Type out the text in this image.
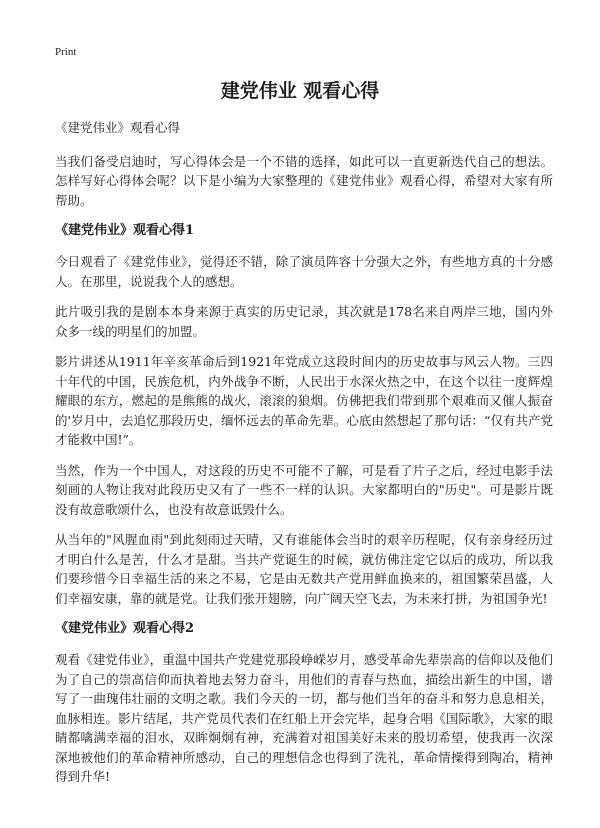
Print
建党伟业 观看心得

《建党伟业》观看心得

当我们备受启迪时，写心得体会是一个不错的选择，如此可以一直更新迭代自己的想法。怎样写好心得体会呢？以下是小编为大家整理的《建党伟业》观看心得，希望对大家有所帮助。

《建党伟业》观看心得1

今日观看了《建党伟业》，觉得还不错，除了演员阵容十分强大之外，有些地方真的十分感人。在那里，说说我个人的感想。

此片吸引我的是剧本本身来源于真实的历史记录，其次就是178名来自两岸三地，国内外众多一线的明星们的加盟。

影片讲述从1911年辛亥革命后到1921年党成立这段时间内的历史故事与风云人物。三四十年代的中国，民族危机，内外战争不断，人民出于水深火热之中，在这个以往一度辉煌耀眼的东方，燃起的是熊熊的战火，滚滚的狼烟。仿佛把我们带到那个艰难而又催人振奋的'岁月中，去追忆那段历史，缅怀远去的革命先辈。心底由然想起了那句话：“仅有共产党才能救中国!”。

当然，作为一个中国人，对这段的历史不可能不了解，可是看了片子之后，经过电影手法刻画的人物让我对此段历史又有了一些不一样的认识。大家都明白的"历史"。可是影片既没有故意歌颂什么，也没有故意诋毁什么。

从当年的"风腥血雨"到此刻雨过天晴，又有谁能体会当时的艰辛历程呢，仅有亲身经历过才明白什么是苦，什么才是甜。当共产党诞生的时候，就仿佛注定它以后的成功，所以我们要珍惜今日幸福生活的来之不易，它是由无数共产党用鲜血换来的，祖国繁荣昌盛，人们幸福安康，靠的就是党。让我们张开翅膀，向广阔天空飞去，为未来打拼，为祖国争光!

《建党伟业》观看心得2

观看《建党伟业》，重温中国共产党建党那段峥嵘岁月，感受革命先辈崇高的信仰以及他们为了自己的崇高信仰而执着地去努力奋斗，用他们的青春与热血，描绘出新生的中国，谱写了一曲瑰伟壮丽的文明之歌。我们今天的一切，都与他们当年的奋斗和努力息息相关，血脉相连。影片结尾，共产党员代表们在红船上开会完毕，起身合唱《国际歌》，大家的眼睛都噙满幸福的泪水，双眸炯炯有神，充满着对祖国美好未来的殷切希望，使我再一次深深地被他们的革命精神所感动，自己的理想信念也得到了洗礼，革命情操得到陶冶，精神得到升华!
